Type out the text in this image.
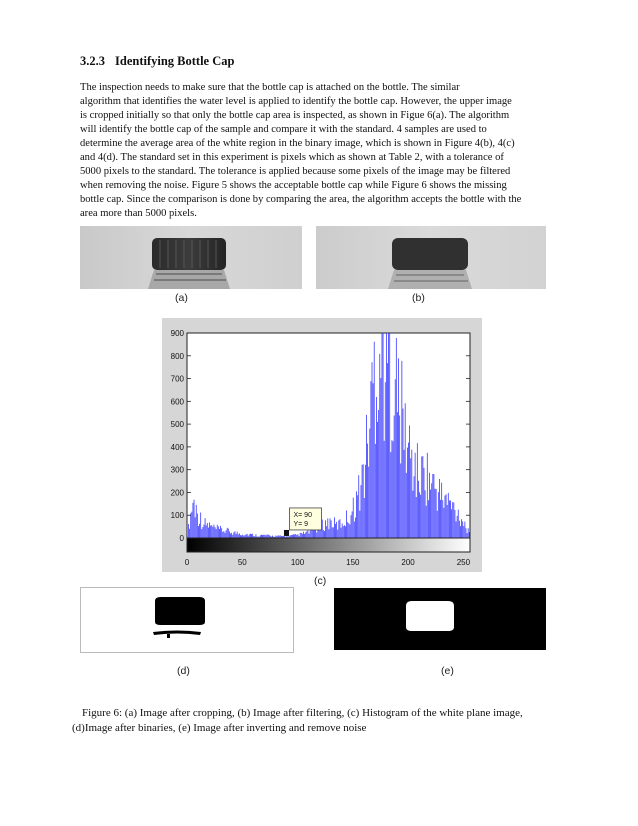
3.2.3 Identifying Bottle Cap
The inspection needs to make sure that the bottle cap is attached on the bottle. The similar
algorithm that identifies the water level is applied to identify the bottle cap. However, the upper image
is cropped initially so that only the bottle cap area is inspected, as shown in Figue 6(a). The algorithm
will identify the bottle cap of the sample and compare it with the standard. 4 samples are used to
determine the average area of the white region in the binary image, which is shown in Figure 4(b), 4(c)
and 4(d). The standard set in this experiment is pixels which as shown at Table 2, with a tolerance of
5000 pixels to the standard. The tolerance is applied because some pixels of the image may be filtered
when removing the noise. Figure 5 shows the acceptable bottle cap while Figure 6 shows the missing
bottle cap. Since the comparison is done by comparing the area, the algorithm accepts the bottle with the
area more than 5000 pixels.
(a)	(b)
0
100
200
300
400
500
600
700
800
900
0	50	100	150	200	250
X= 90
Y= 9
(c)
(d)	(e)
Figure 6: (a) Image after cropping, (b) Image after filtering, (c) Histogram of the white plane image,
(d)Image after binaries, (e) Image after inverting and remove noise
